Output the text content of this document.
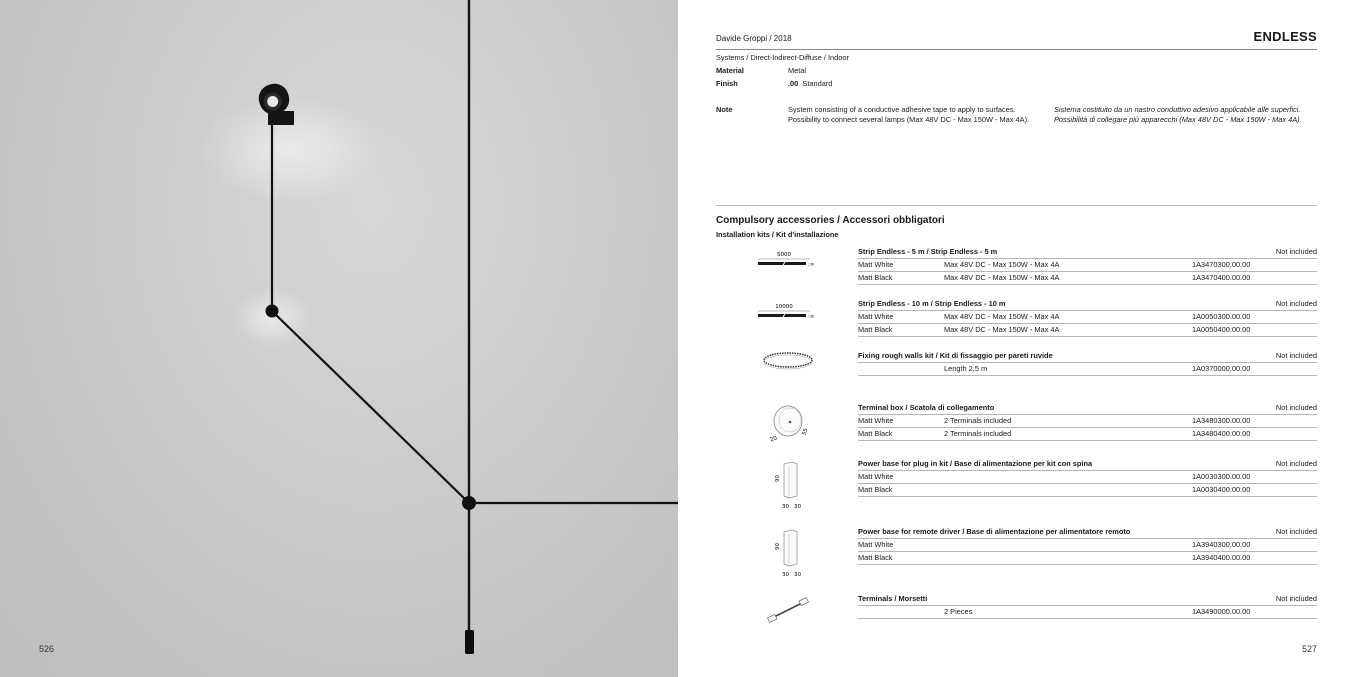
526
Davide Groppi / 2018	ENDLESS
Systems / Direct-Indirect-Diffuse / Indoor
Material	Metal
Finish	.00 Standard
Note	System consisting of a conductive adhesive tape to apply to surfaces.
Possibility to connect several lamps (Max 48V DC - Max 150W - Max 4A).
Sistema costituito da un nastro conduttivo adesivo applicabile alle superfici.
Possibilità di collegare più apparecchi (Max 48V DC - Max 150W - Max 4A).
Compulsory accessories / Accessori obbligatori
Installation kits / Kit d'installazione
5000
:∞
Strip Endless - 5 m / Strip Endless - 5 m	Not included
Matt White	Max 48V DC - Max 150W - Max 4A	1A3470300.00.00
Matt Black	Max 48V DC - Max 150W - Max 4A	1A3470400.00.00
10000
:∞
Strip Endless - 10 m / Strip Endless - 10 m	Not included
Matt White	Max 48V DC - Max 150W - Max 4A	1A0050300.00.00
Matt Black	Max 48V DC - Max 150W - Max 4A	1A0050400.00.00
Fixing rough walls kit / Kit di fissaggio per pareti ruvide	Not included
Length 2,5 m	1A0370000.00.00
20
55
Terminal box / Scatola di collegamento	Not included
Matt White	2 Terminals included	1A3480300.00.00
Matt Black	2 Terminals included	1A3480400.00.00
90
30 30
Power base for plug in kit / Base di alimentazione per kit con spina	Not included
Matt White	1A0030300.00.00
Matt Black	1A0030400.00.00
90
30 30
Power base for remote driver / Base di alimentazione per alimentatore remoto	Not included
Matt White	1A3940300.00.00
Matt Black	1A3940400.00.00
Terminals / Morsetti	Not included
2 Pieces	1A3490000.00.00
527
